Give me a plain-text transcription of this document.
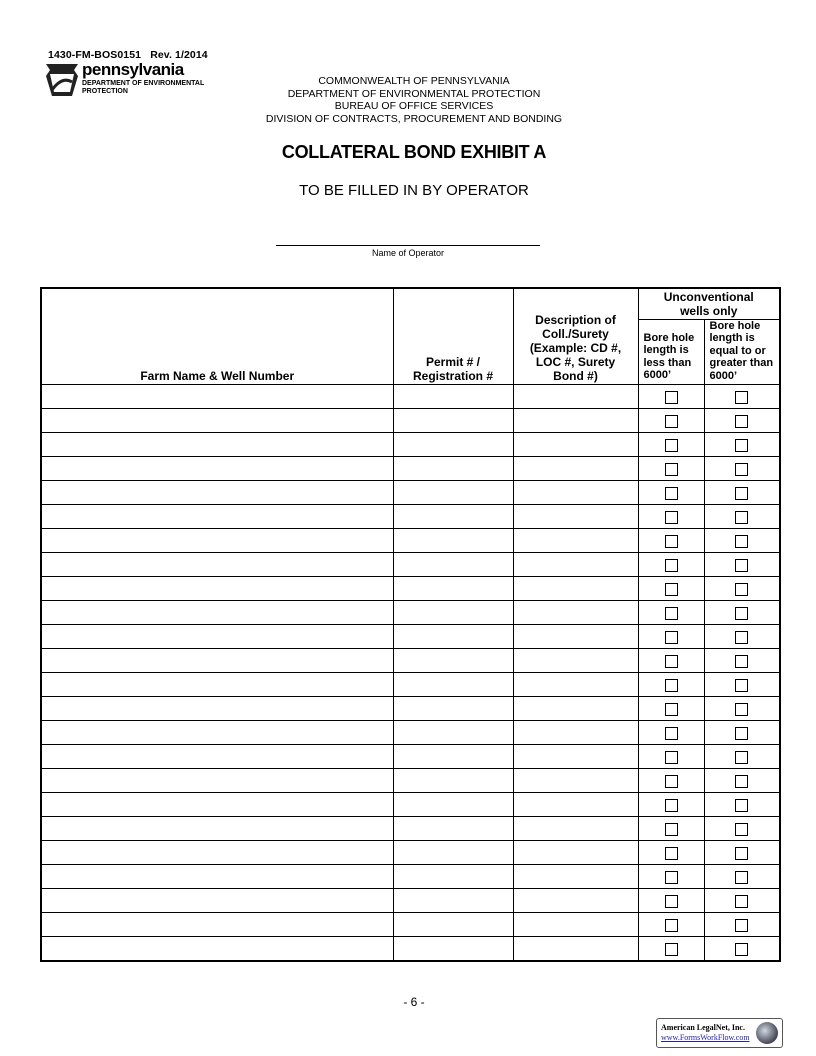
1430-FM-BOS0151 Rev. 1/2014
pennsylvania
DEPARTMENT OF ENVIRONMENTAL PROTECTION
COMMONWEALTH OF PENNSYLVANIA
DEPARTMENT OF ENVIRONMENTAL PROTECTION
BUREAU OF OFFICE SERVICES
DIVISION OF CONTRACTS, PROCUREMENT AND BONDING
COLLATERAL BOND EXHIBIT A
TO BE FILLED IN BY OPERATOR
Name of Operator
Farm Name & Well Number	Permit # / Registration #	Description of Coll./Surety (Example: CD #, LOC #, Surety Bond #)	Unconventional wells only	
			Bore hole length is less than 6000’	Bore hole length is equal to or greater than 6000’

- 6 -
American LegalNet, Inc.
www.FormsWorkFlow.com
